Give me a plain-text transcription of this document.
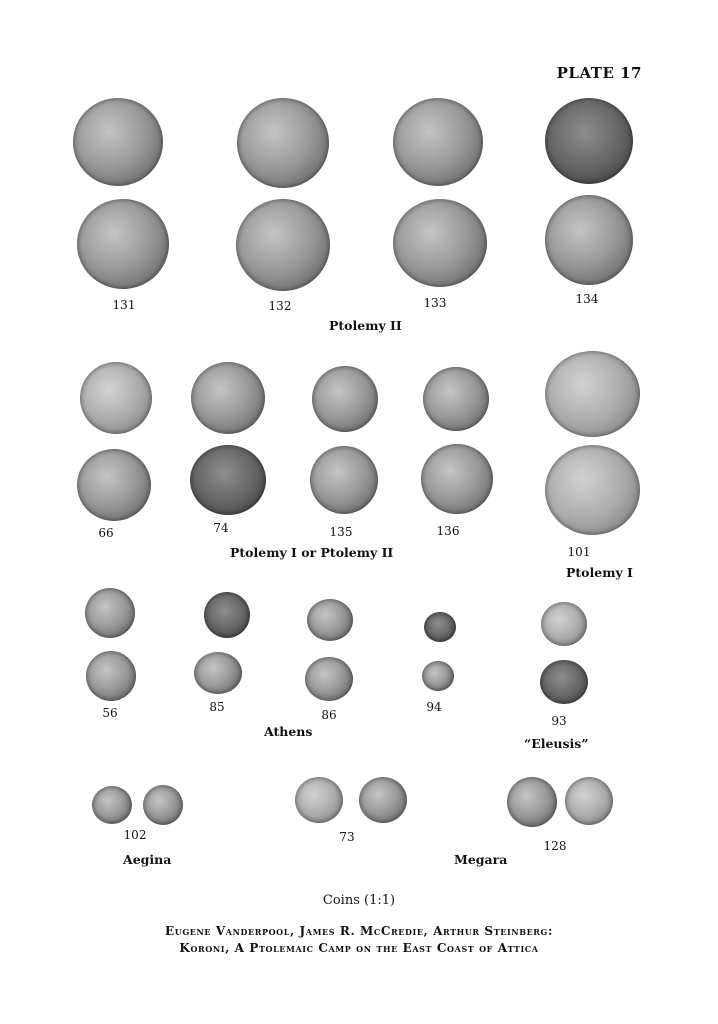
PLATE 17
131	132	133	134
Ptolemy II
66	74	135	136
101
Ptolemy I or Ptolemy II
Ptolemy I
56	85
86
94
93
Athens
“Eleusis”
102	73
128
Aegina	Megara
Coins (1:1)
Eugene Vanderpool, James R. McCredie, Arthur Steinberg:
Koroni, A Ptolemaic Camp on the East Coast of Attica
